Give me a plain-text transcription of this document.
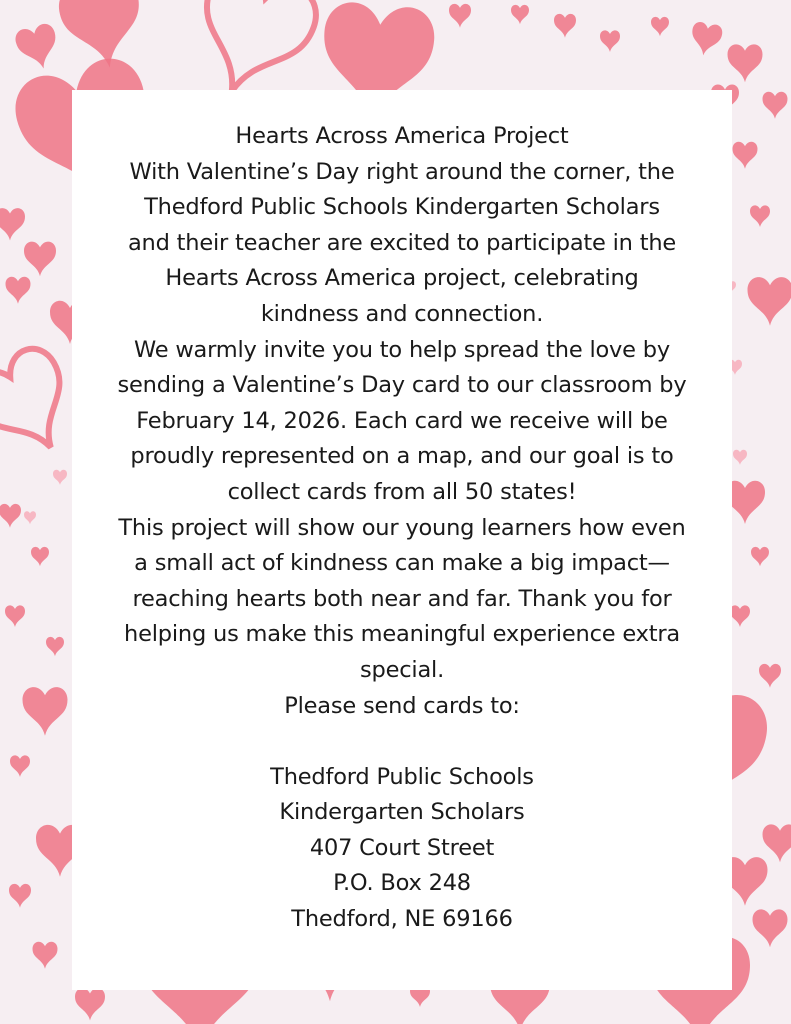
Hearts Across America Project
With Valentine’s Day right around the corner, the
Thedford Public Schools Kindergarten Scholars
and their teacher are excited to participate in the
Hearts Across America project, celebrating
kindness and connection.
We warmly invite you to help spread the love by
sending a Valentine’s Day card to our classroom by
February 14, 2026. Each card we receive will be
proudly represented on a map, and our goal is to
collect cards from all 50 states!
This project will show our young learners how even
a small act of kindness can make a big impact—
reaching hearts both near and far. Thank you for
helping us make this meaningful experience extra
special.
Please send cards to:
Thedford Public Schools
Kindergarten Scholars
407 Court Street
P.O. Box 248
Thedford, NE 69166
